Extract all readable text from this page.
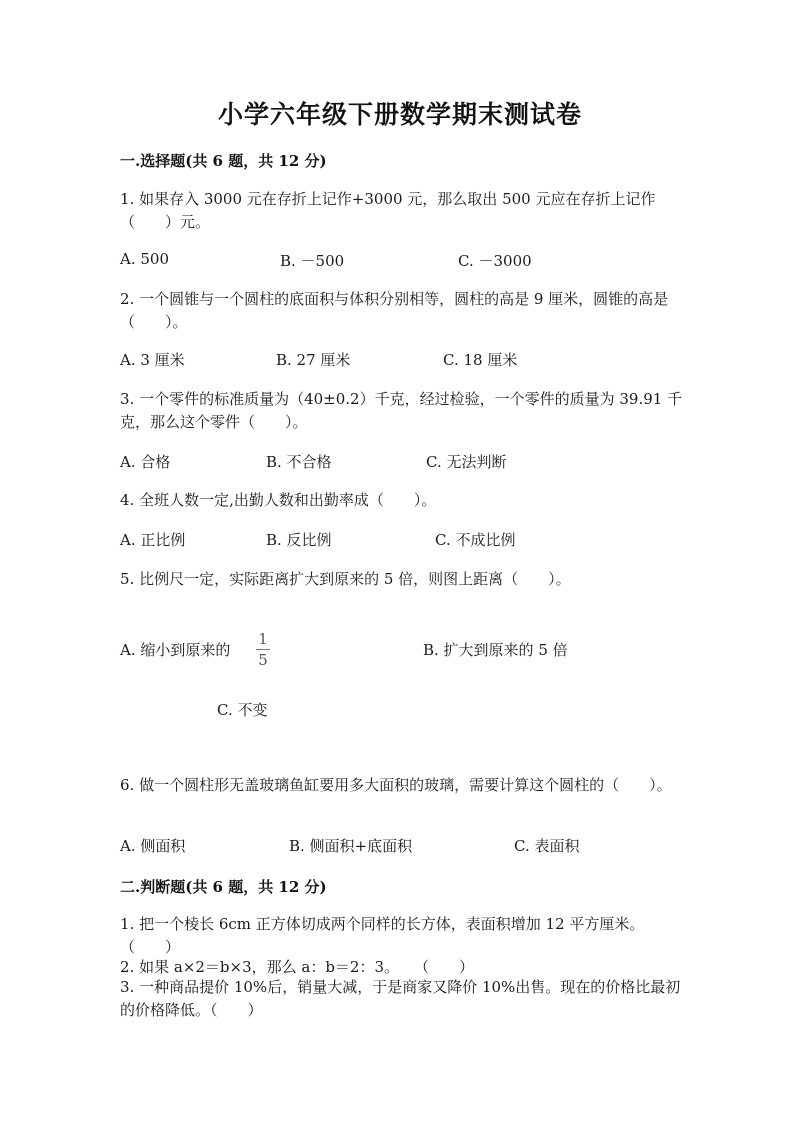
小学六年级下册数学期末测试卷
一.选择题(共 6 题，共 12 分)
1. 如果存入 3000 元在存折上记作+3000 元，那么取出 500 元应在存折上记作（　　）元。
A. 500	B. －500	C. －3000
2. 一个圆锥与一个圆柱的底面积与体积分别相等，圆柱的高是 9 厘米，圆锥的高是（　　）。
A. 3 厘米	B. 27 厘米	C. 18 厘米
3. 一个零件的标准质量为（40±0.2）千克，经过检验，一个零件的质量为 39.91 千克，那么这个零件（　　）。
A. 合格	B. 不合格	C. 无法判断
4. 全班人数一定,出勤人数和出勤率成（　　）。
A. 正比例	B. 反比例	C. 不成比例
5. 比例尺一定，实际距离扩大到原来的 5 倍，则图上距离（　　）。
A. 缩小到原来的
1
5
B. 扩大到原来的 5 倍
C. 不变
6. 做一个圆柱形无盖玻璃鱼缸要用多大面积的玻璃，需要计算这个圆柱的（　　）。
A. 侧面积	B. 侧面积+底面积	C. 表面积
二.判断题(共 6 题，共 12 分)
1. 把一个棱长 6cm 正方体切成两个同样的长方体，表面积增加 12 平方厘米。（　　）
2. 如果 a×2＝b×3，那么 a：b＝2：3。　　（　　）
3. 一种商品提价 10%后，销量大减，于是商家又降价 10%出售。现在的价格比最初的价格降低。（　　）
